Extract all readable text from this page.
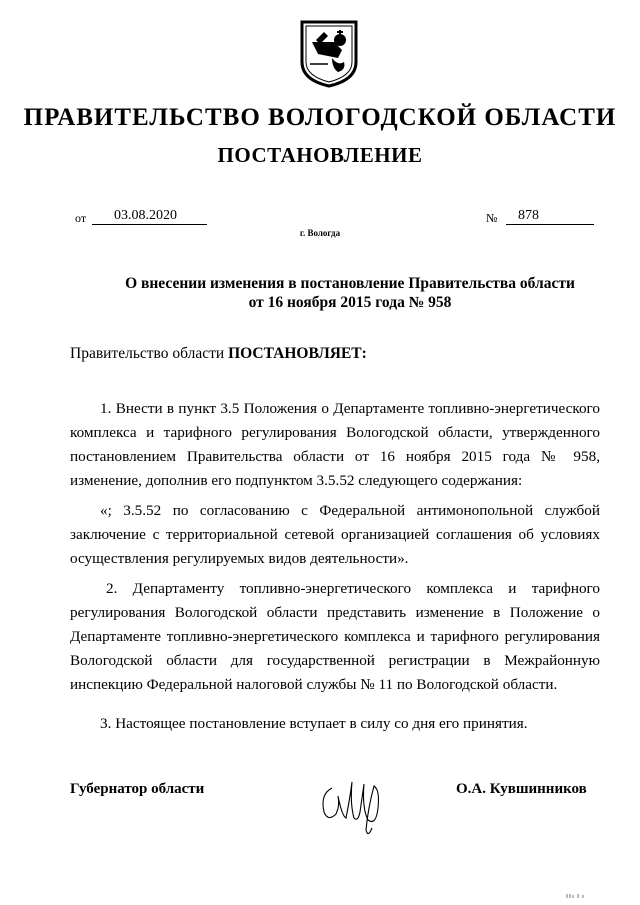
ПРАВИТЕЛЬСТВО ВОЛОГОДСКОЙ ОБЛАСТИ
ПОСТАНОВЛЕНИЕ
от 03.08.2020
г. Вологда
№ 878
О внесении изменения в постановление Правительства области
от 16 ноября 2015 года № 958
Правительство области ПОСТАНОВЛЯЕТ:
1. Внести в пункт 3.5 Положения о Департаменте топливно-энергетического комплекса и тарифного регулирования Вологодской области, утвержденного постановлением Правительства области от 16 ноября 2015 года № 958, изменение, дополнив его подпунктом 3.5.52 следующего содержания:
«; 3.5.52 по согласованию с Федеральной антимонопольной службой заключение с территориальной сетевой организацией соглашения об условиях осуществления регулируемых видов деятельности».
2. Департаменту топливно-энергетического комплекса и тарифного регулирования Вологодской области представить изменение в Положение о Департаменте топливно-энергетического комплекса и тарифного регулирования Вологодской области для государственной регистрации в Межрайонную инспекцию Федеральной налоговой службы № 11 по Вологодской области.
3. Настоящее постановление вступает в силу со дня его принятия.
Губернатор области	О.А. Кувшинников
